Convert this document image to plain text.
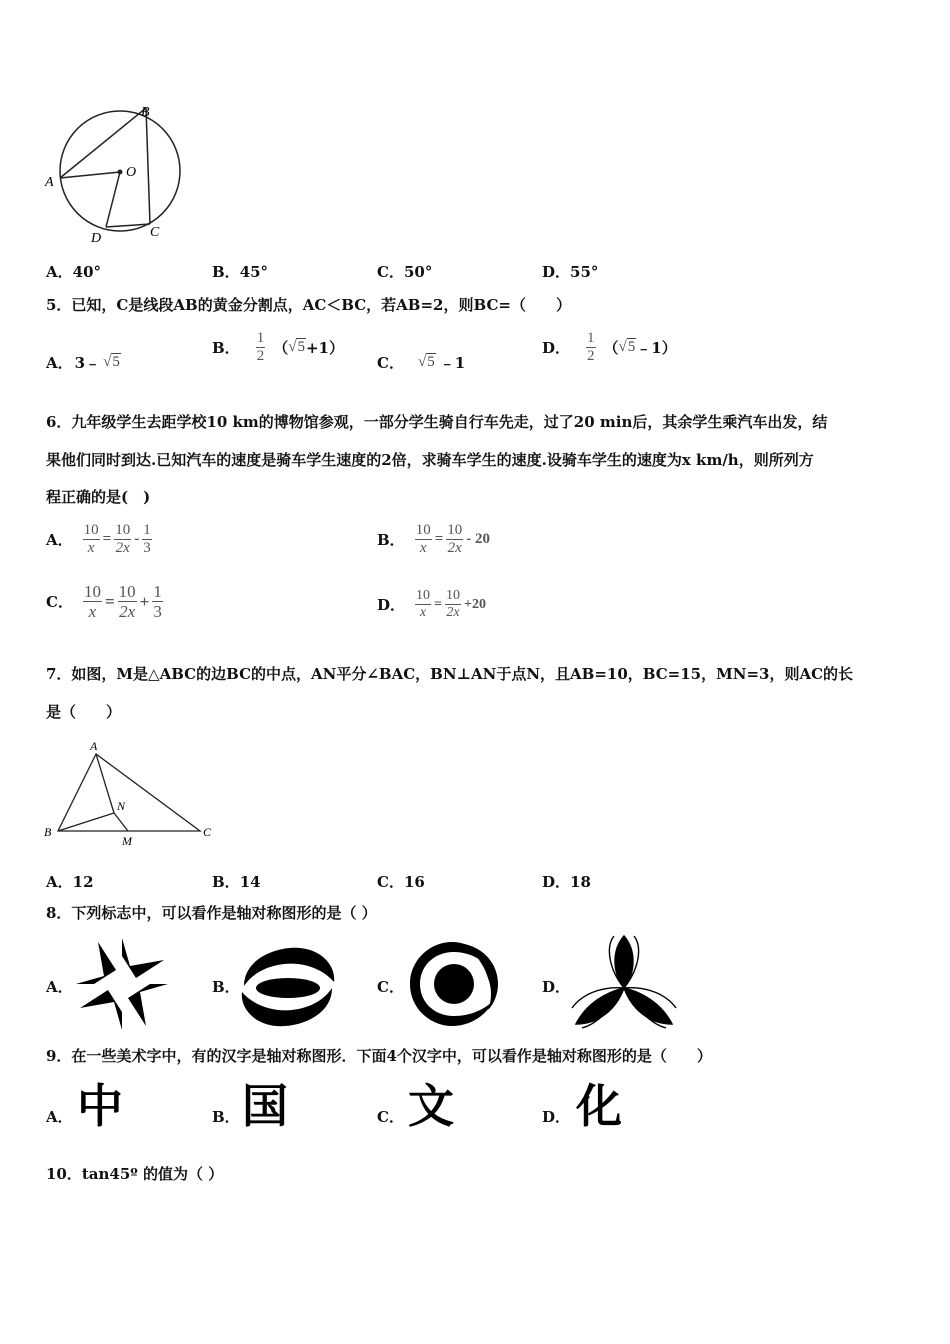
A
B
O
C
D
A．40°	B．45°	C．50°	D．55°
5．已知，C是线段AB的黄金分割点，AC＜BC，若AB=2，则BC=（　　）
A． 3﹣ √5
B． $\frac{1}{2}$ （ √5 +1）
C． √5 ﹣1
D． $\frac{1}{2}$ （ √5 ﹣1）
6．九年级学生去距学校10 km的博物馆参观，一部分学生骑自行车先走，过了20 min后，其余学生乘汽车出发，结
果他们同时到达.已知汽车的速度是骑车学生速度的2倍，求骑车学生的速度.设骑车学生的速度为x km/h，则所列方
程正确的是(　)
A． $\frac{10}{x} = \frac{10}{2x} - \frac{1}{3}$	B． $\frac{10}{x} = \frac{10}{2x} - 20$
C． $\frac{10}{x} = \frac{10}{2x} + \frac{1}{3}$	D． $\frac{10}{x} = \frac{10}{2x} +20$
7．如图，M是△ABC的边BC的中点，AN平分∠BAC，BN⊥AN于点N，且AB=10，BC=15，MN=3，则AC的长
是（　　）
A
B	C
N
M
A．12	B．14	C．16	D．18
8．下列标志中，可以看作是轴对称图形的是（ ）
A．	B．	C．	D．
9．在一些美术字中，有的汉字是轴对称图形．下面4个汉字中，可以看作是轴对称图形的是（　　）
A． 中	B． 国	C． 文	D． 化
10．tan45º 的值为（ ）
